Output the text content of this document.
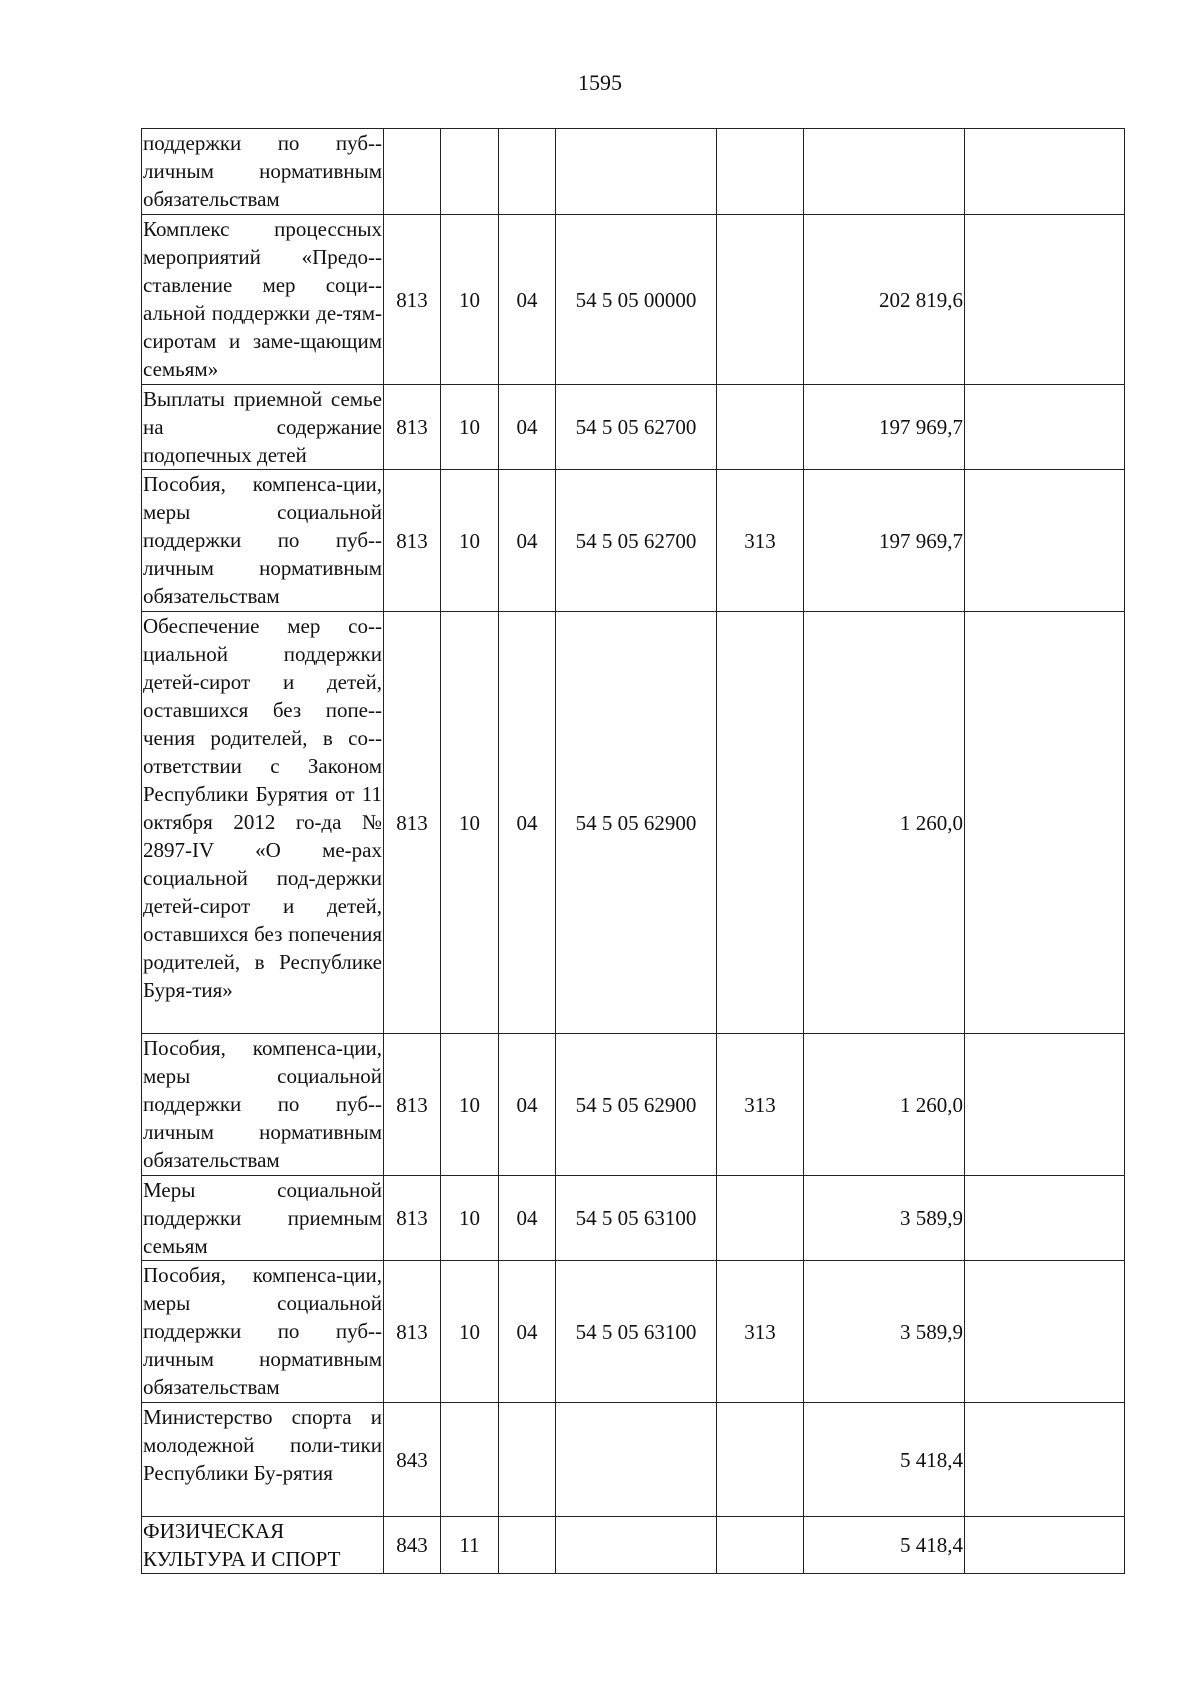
1595
поддержки по пуб-личным нормативным обязательствам							
Комплекс процессных мероприятий «Предо-ставление мер соци-альной поддержки де-тям-сиротам и заме-щающим семьям»	813	10	04	54 5 05 00000		202 819,6	
Выплаты приемной семье на содержание подопечных детей	813	10	04	54 5 05 62700		197 969,7	
Пособия, компенса-ции, меры социальной поддержки по пуб-личным нормативным обязательствам	813	10	04	54 5 05 62700	313	197 969,7	
Обеспечение мер со-циальной поддержки детей-сирот и детей, оставшихся без попе-чения родителей, в со-ответствии с Законом Республики Бурятия от 11 октября 2012 го-да № 2897-IV «О ме-рах социальной под-держки детей-сирот и детей, оставшихся без попечения родителей, в Республике Буря-тия»	813	10	04	54 5 05 62900		1 260,0	
Пособия, компенса-ции, меры социальной поддержки по пуб-личным нормативным обязательствам	813	10	04	54 5 05 62900	313	1 260,0	
Меры социальной поддержки приемным семьям	813	10	04	54 5 05 63100		3 589,9	
Пособия, компенса-ции, меры социальной поддержки по пуб-личным нормативным обязательствам	813	10	04	54 5 05 63100	313	3 589,9	
Министерство спорта и молодежной поли-тики Республики Бу-рятия	843					5 418,4	
ФИЗИЧЕСКАЯ КУЛЬТУРА И СПОРТ	843	11				5 418,4	
